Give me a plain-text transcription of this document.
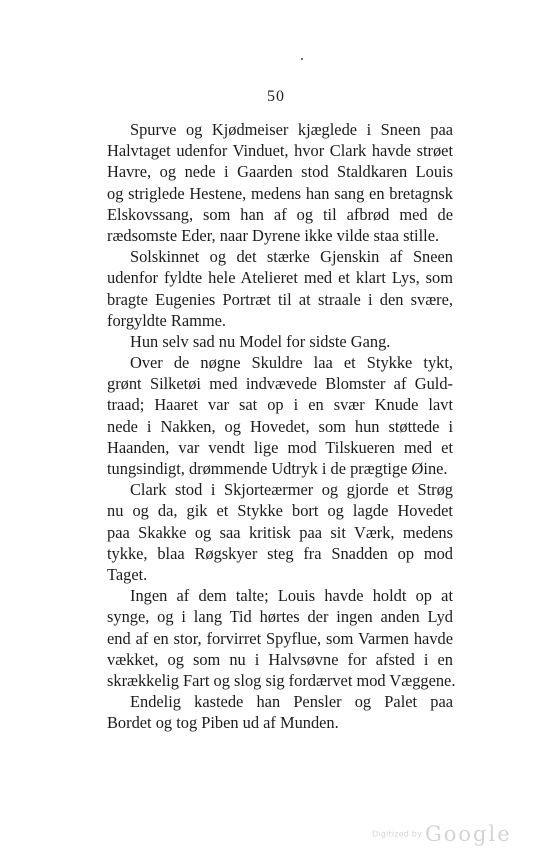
50
Spurve og Kjødmeiser kjæglede i Sneen paa
Halvtaget udenfor Vinduet, hvor Clark havde strøet
Havre, og nede i Gaarden stod Staldkaren Louis
og striglede Hestene, medens han sang en bretagnsk
Elskovssang, som han af og til afbrød med de
rædsomste Eder, naar Dyrene ikke vilde staa stille.
Solskinnet og det stærke Gjenskin af Sneen
udenfor fyldte hele Atelieret med et klart Lys, som
bragte Eugenies Portræt til at straale i den svære,
forgyldte Ramme.
Hun selv sad nu Model for sidste Gang.
Over de nøgne Skuldre laa et Stykke tykt,
grønt Silketøi med indvævede Blomster af Guld-
traad; Haaret var sat op i en svær Knude lavt
nede i Nakken, og Hovedet, som hun støttede i
Haanden, var vendt lige mod Tilskueren med et
tungsindigt, drømmende Udtryk i de prægtige Øine.
Clark stod i Skjorteærmer og gjorde et Strøg
nu og da, gik et Stykke bort og lagde Hovedet
paa Skakke og saa kritisk paa sit Værk, medens
tykke, blaa Røgskyer steg fra Snadden op mod
Taget.
Ingen af dem talte; Louis havde holdt op at
synge, og i lang Tid hørtes der ingen anden Lyd
end af en stor, forvirret Spyflue, som Varmen havde
vækket, og som nu i Halvsøvne for afsted i en
skrækkelig Fart og slog sig fordærvet mod Væggene.
Endelig kastede han Pensler og Palet paa
Bordet og tog Piben ud af Munden.
Digitized by Google
